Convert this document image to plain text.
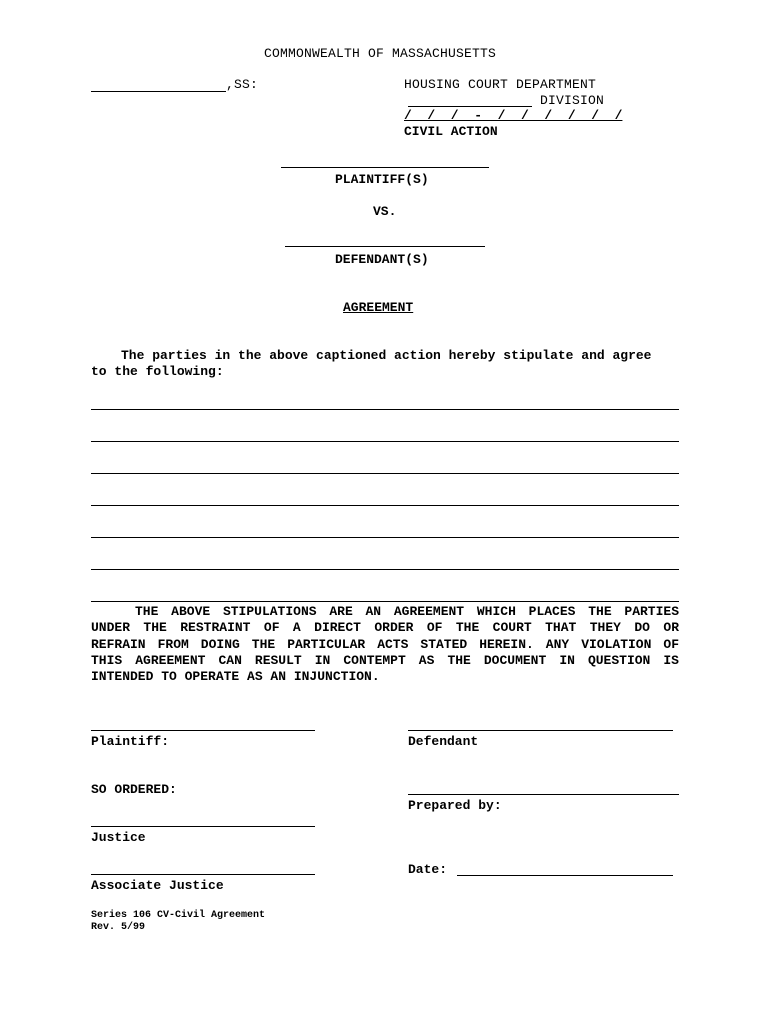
COMMONWEALTH OF MASSACHUSETTS
,SS:	HOUSING COURT DEPARTMENT
DIVISION
/  /  /  -  /  /  /  /  /  /
CIVIL ACTION
PLAINTIFF(S)
VS.
DEFENDANT(S)
AGREEMENT
The parties in the above captioned action hereby stipulate and agree
to the following:
THE ABOVE STIPULATIONS ARE AN AGREEMENT WHICH PLACES THE PARTIES
UNDER THE RESTRAINT OF A DIRECT ORDER OF THE COURT THAT THEY DO OR
REFRAIN FROM DOING THE PARTICULAR ACTS STATED HEREIN. ANY VIOLATION OF
THIS AGREEMENT CAN RESULT IN CONTEMPT AS THE DOCUMENT IN QUESTION IS
INTENDED TO OPERATE AS AN INJUNCTION.
Plaintiff:	Defendant
SO ORDERED:
Prepared by:
Justice
Date:
Associate Justice
Series 106 CV-Civil Agreement
Rev. 5/99
